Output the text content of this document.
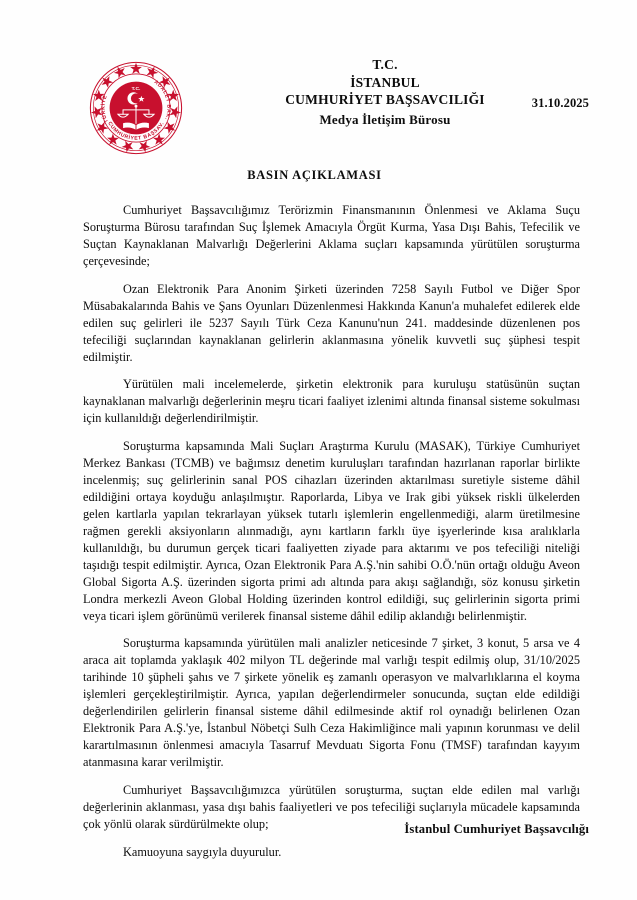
TÜRKİYE
ADALET BAK.
CUMHURİYET BAŞSAV.
T.C.
T.C.
İSTANBUL
CUMHURİYET BAŞSAVCILIĞI
Medya İletişim Bürosu
31.10.2025
BASIN AÇIKLAMASI

Cumhuriyet Başsavcılığımız Terörizmin Finansmanının Önlenmesi ve Aklama Suçu Soruşturma Bürosu tarafından Suç İşlemek Amacıyla Örgüt Kurma, Yasa Dışı Bahis, Tefecilik ve Suçtan Kaynaklanan Malvarlığı Değerlerini Aklama suçları kapsamında yürütülen soruşturma çerçevesinde;

Ozan Elektronik Para Anonim Şirketi üzerinden 7258 Sayılı Futbol ve Diğer Spor Müsabakalarında Bahis ve Şans Oyunları Düzenlenmesi Hakkında Kanun'a muhalefet edilerek elde edilen suç gelirleri ile 5237 Sayılı Türk Ceza Kanunu'nun 241. maddesinde düzenlenen pos tefeciliği suçlarından kaynaklanan gelirlerin aklanmasına yönelik kuvvetli suç şüphesi tespit edilmiştir.

Yürütülen mali incelemelerde, şirketin elektronik para kuruluşu statüsünün suçtan kaynaklanan malvarlığı değerlerinin meşru ticari faaliyet izlenimi altında finansal sisteme sokulması için kullanıldığı değerlendirilmiştir.

Soruşturma kapsamında Mali Suçları Araştırma Kurulu (MASAK), Türkiye Cumhuriyet Merkez Bankası (TCMB) ve bağımsız denetim kuruluşları tarafından hazırlanan raporlar birlikte incelenmiş; suç gelirlerinin sanal POS cihazları üzerinden aktarılması suretiyle sisteme dâhil edildiğini ortaya koyduğu anlaşılmıştır. Raporlarda, Libya ve Irak gibi yüksek riskli ülkelerden gelen kartlarla yapılan tekrarlayan yüksek tutarlı işlemlerin engellenmediği, alarm üretilmesine rağmen gerekli aksiyonların alınmadığı, aynı kartların farklı üye işyerlerinde kısa aralıklarla kullanıldığı, bu durumun gerçek ticari faaliyetten ziyade para aktarımı ve pos tefeciliği niteliği taşıdığı tespit edilmiştir. Ayrıca, Ozan Elektronik Para A.Ş.'nin sahibi O.Ö.'nün ortağı olduğu Aveon Global Sigorta A.Ş. üzerinden sigorta primi adı altında para akışı sağlandığı, söz konusu şirketin Londra merkezli Aveon Global Holding üzerinden kontrol edildiği, suç gelirlerinin sigorta primi veya ticari işlem görünümü verilerek finansal sisteme dâhil edilip aklandığı belirlenmiştir.

Soruşturma kapsamında yürütülen mali analizler neticesinde 7 şirket, 3 konut, 5 arsa ve 4 araca ait toplamda yaklaşık 402 milyon TL değerinde mal varlığı tespit edilmiş olup, 31/10/2025 tarihinde 10 şüpheli şahıs ve 7 şirkete yönelik eş zamanlı operasyon ve malvarlıklarına el koyma işlemleri gerçekleştirilmiştir. Ayrıca, yapılan değerlendirmeler sonucunda, suçtan elde edildiği değerlendirilen gelirlerin finansal sisteme dâhil edilmesinde aktif rol oynadığı belirlenen Ozan Elektronik Para A.Ş.'ye, İstanbul Nöbetçi Sulh Ceza Hakimliğince mali yapının korunması ve delil karartılmasının önlenmesi amacıyla Tasarruf Mevduatı Sigorta Fonu (TMSF) tarafından kayyım atanmasına karar verilmiştir.

Cumhuriyet Başsavcılığımızca yürütülen soruşturma, suçtan elde edilen mal varlığı değerlerinin aklanması, yasa dışı bahis faaliyetleri ve pos tefeciliği suçlarıyla mücadele kapsamında çok yönlü olarak sürdürülmekte olup;

Kamuoyuna saygıyla duyurulur.

İstanbul Cumhuriyet Başsavcılığı
